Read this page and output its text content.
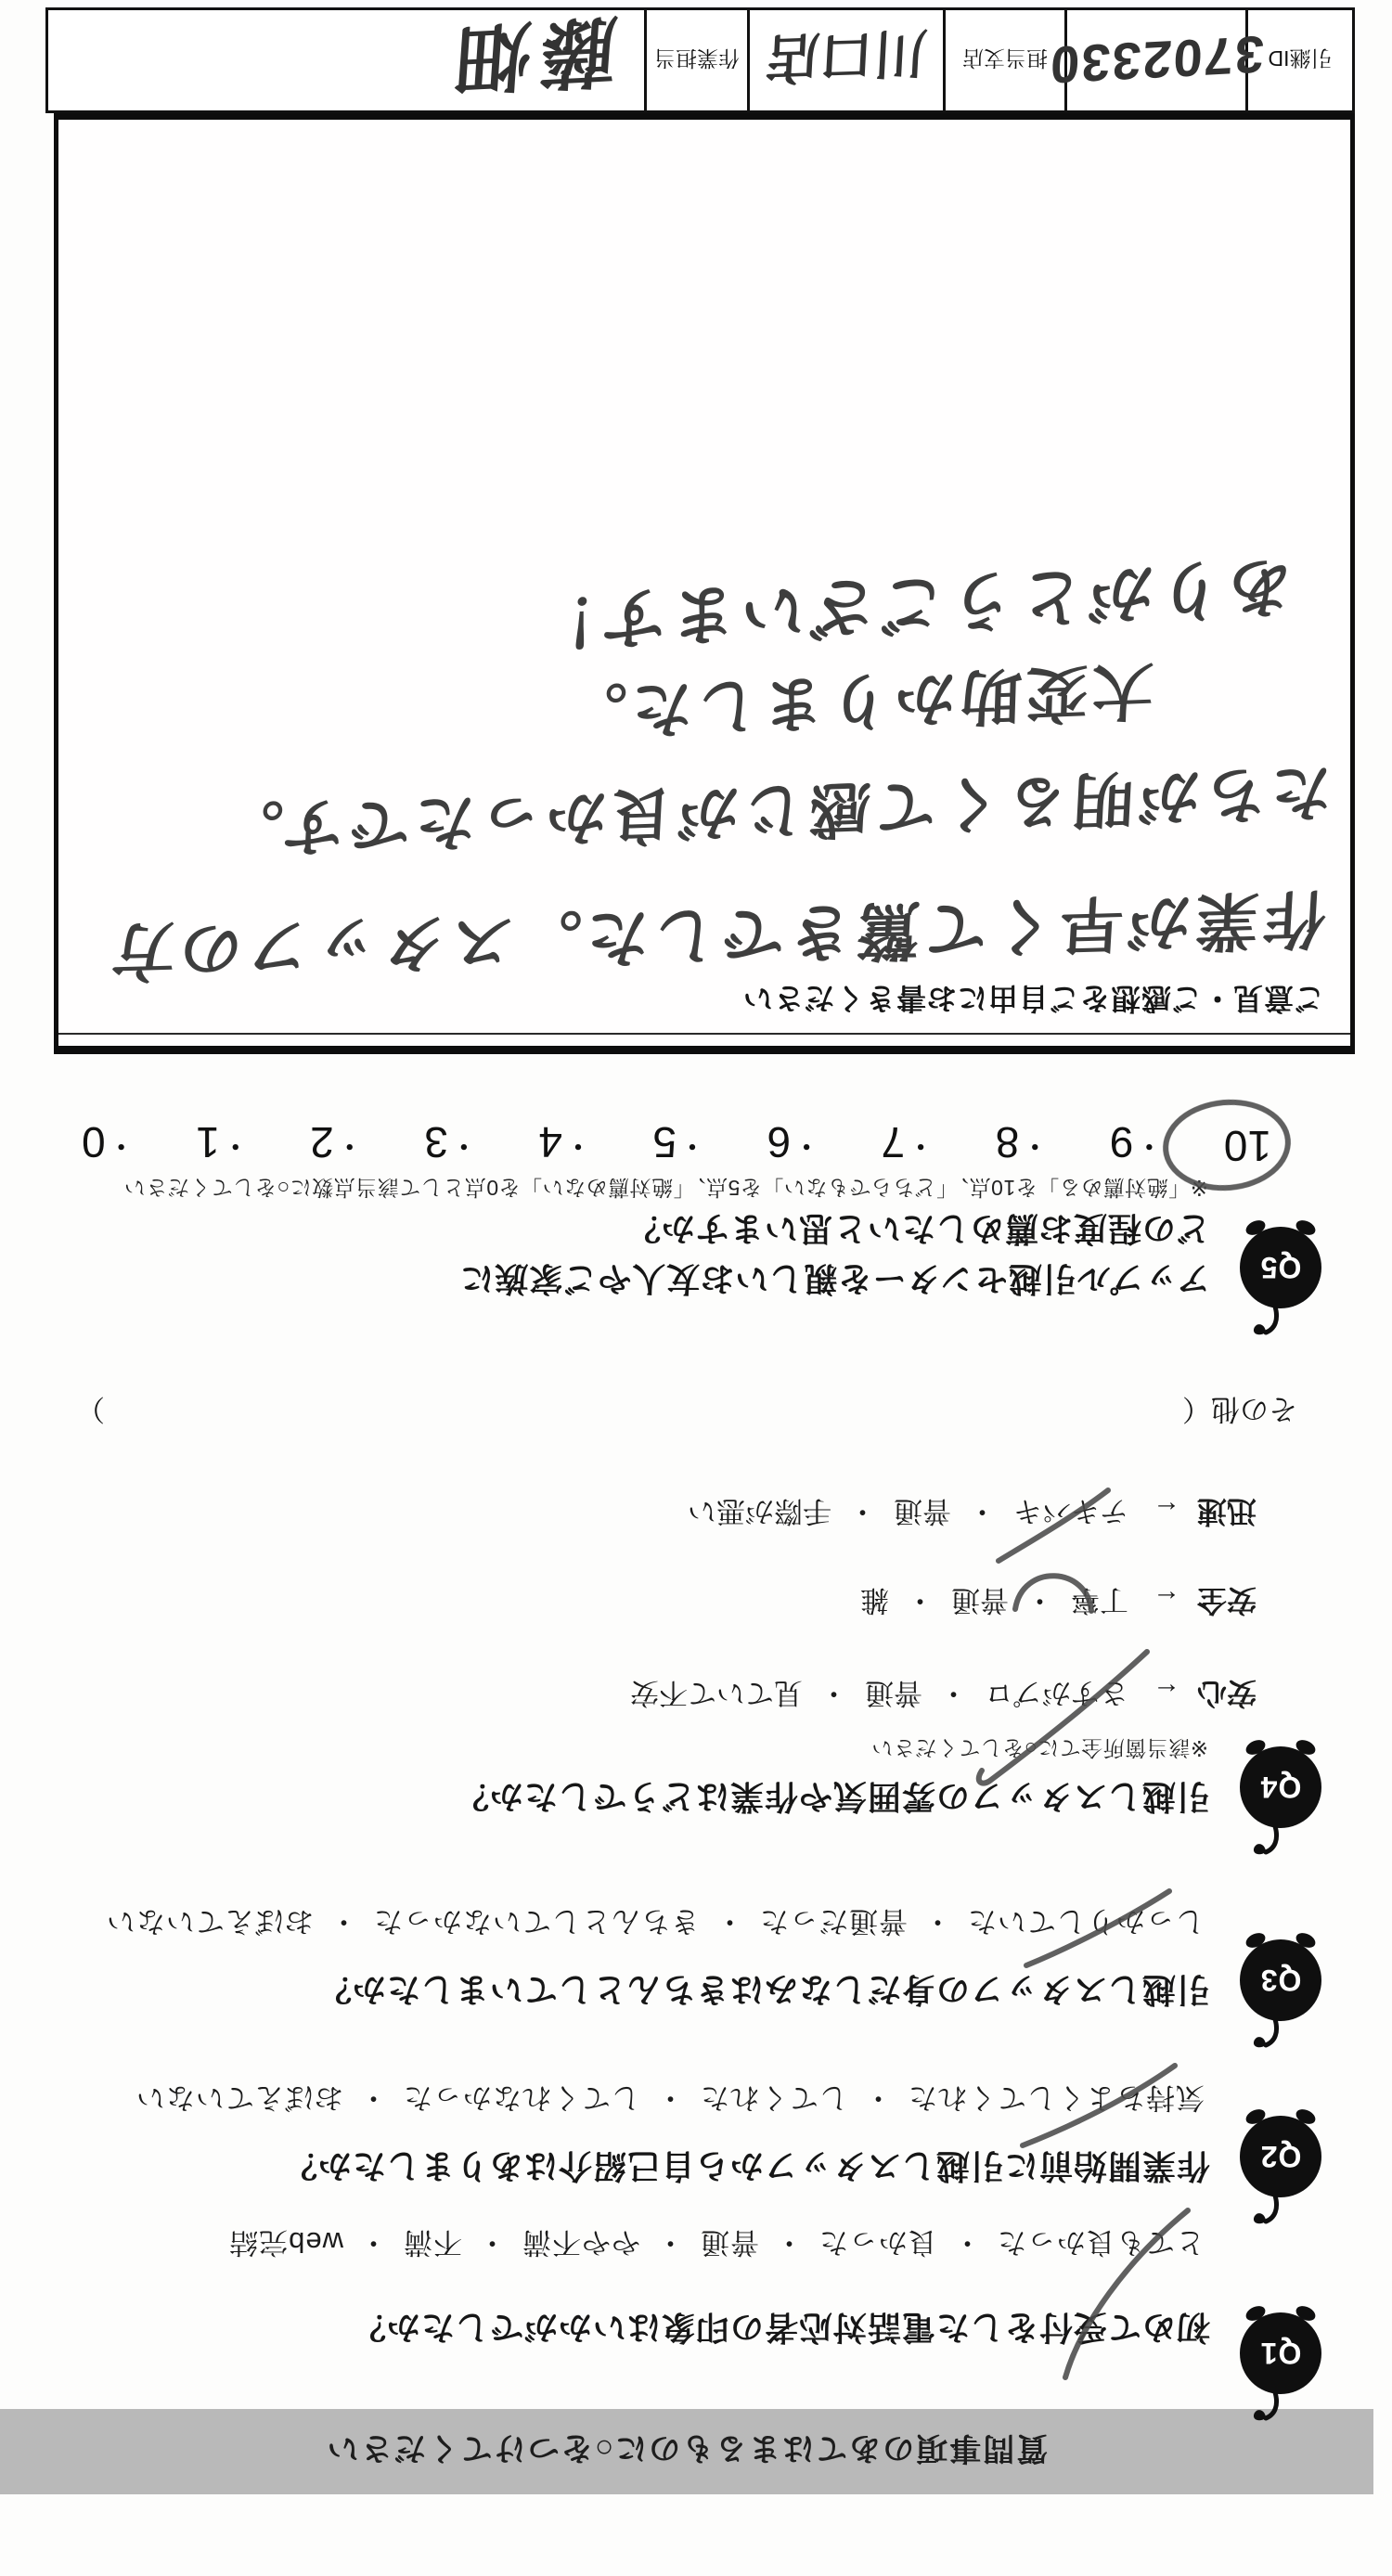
質問事項のあてはまるものに○をつけてください
Q1
初めて受付をした電話対応者の印象はいかがでしたか？
とても良かった・ 良かった・ 普通・ やや不満・ 不満・ web完結
Q2
作業開始前に引越しスタッフから自己紹介はありましたか？
気持ちよくしてくれた・ してくれた・ してくれなかった・ おぼえていない
Q3
引越しスタッフの身だしなみはきちんとしていましたか？
しっかりしていた・ 普通だった・ きちんとしていなかった・ おぼえていない
Q4
引越しスタッフの雰囲気や作業はどうでしたか？
※該当箇所全てに○をしてください
安心←さすがプロ・普通・見ていて不安
安全←丁寧・普通・雑
迅速←テキパキ・普通・手際が悪い
その他（
）
Q5
アップル引越センターを親しいお友人やご家族に
どの程度お薦めしたいと思いますか？
※「絶対薦める」を10点、「どちらでもない」を5点、「絶対薦めない」を0点として該当点数に○をしてください
10
・ 9
・ 8
・ 7
・ 6
・ 5
・ 4
・ 3
・ 2
・ 1
・ 0
ご意見・ご感想をご自由にお書きください
作業が早くて驚きでした。スタッフの方
たちが明るくて感じが良かったです。
大変助かりました。
ありがとうございます！
引継ID
3702330
担当支店
川口店
作業担当
藤畑
